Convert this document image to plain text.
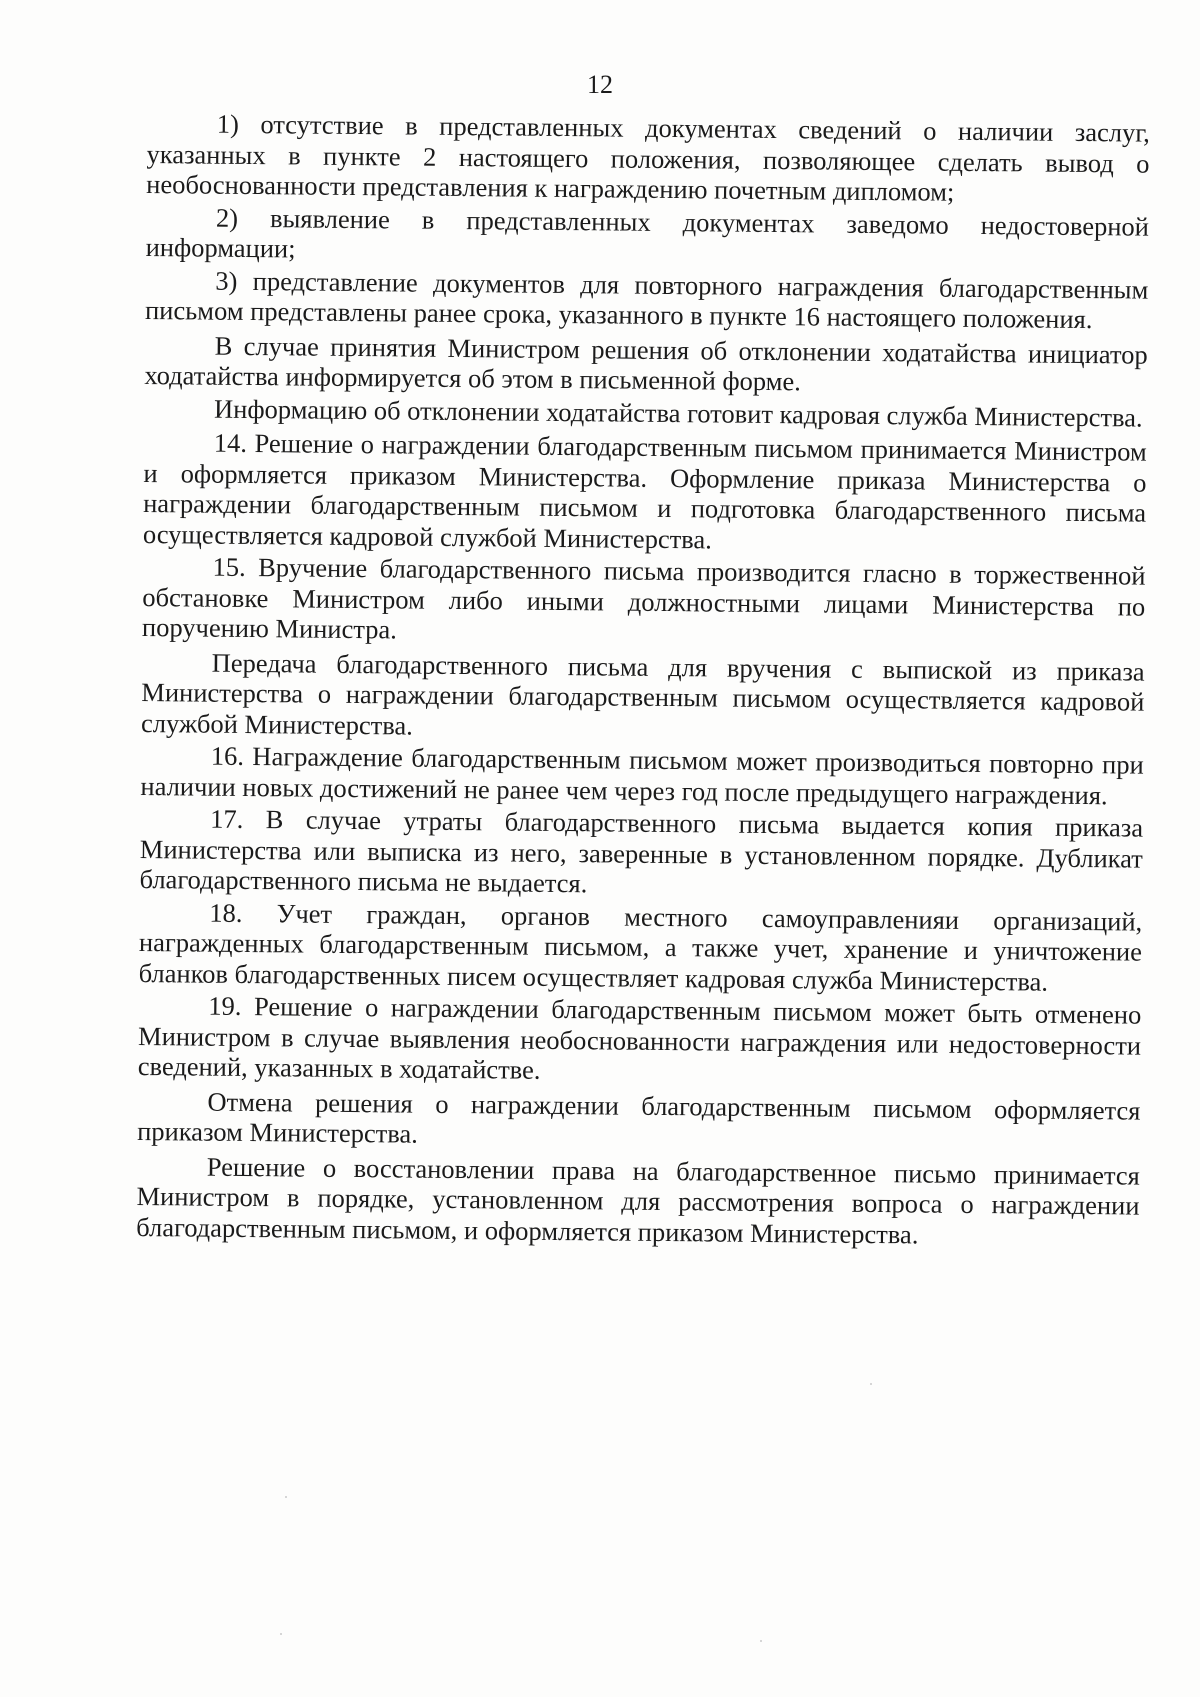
12

1) отсутствие в представленных документах сведений о наличии заслуг, указанных в пункте 2 настоящего положения, позволяющее сделать вывод о необоснованности представления к награждению почетным дипломом;

2) выявление в представленных документах заведомо недостоверной информации;

3) представление документов для повторного награждения благодарственным письмом представлены ранее срока, указанного в пункте 16 настоящего положения.

В случае принятия Министром решения об отклонении ходатайства инициатор ходатайства информируется об этом в письменной форме.

Информацию об отклонении ходатайства готовит кадровая служба Министерства.

14. Решение о награждении благодарственным письмом принимается Министром и оформляется приказом Министерства. Оформление приказа Министерства о награждении благодарственным письмом и подготовка благодарственного письма осуществляется кадровой службой Министерства.

15. Вручение благодарственного письма производится гласно в торжественной обстановке Министром либо иными должностными лицами Министерства по поручению Министра.

Передача благодарственного письма для вручения с выпиской из приказа Министерства о награждении благодарственным письмом осуществляется кадровой службой Министерства.

16. Награждение благодарственным письмом может производиться повторно при наличии новых достижений не ранее чем через год после предыдущего награждения.

17. В случае утраты благодарственного письма выдается копия приказа Министерства или выписка из него, заверенные в установленном порядке. Дубликат благодарственного письма не выдается.

18. Учет граждан, органов местного самоуправленияи организаций, награжденных благодарственным письмом, а также учет, хранение и уничтожение бланков благодарственных писем осуществляет кадровая служба Министерства.

19. Решение о награждении благодарственным письмом может быть отменено Министром в случае выявления необоснованности награждения или недостоверности сведений, указанных в ходатайстве.

Отмена решения о награждении благодарственным письмом оформляется приказом Министерства.

Решение о восстановлении права на благодарственное письмо принимается Министром в порядке, установленном для рассмотрения вопроса о награждении благодарственным письмом, и оформляется приказом Министерства.
